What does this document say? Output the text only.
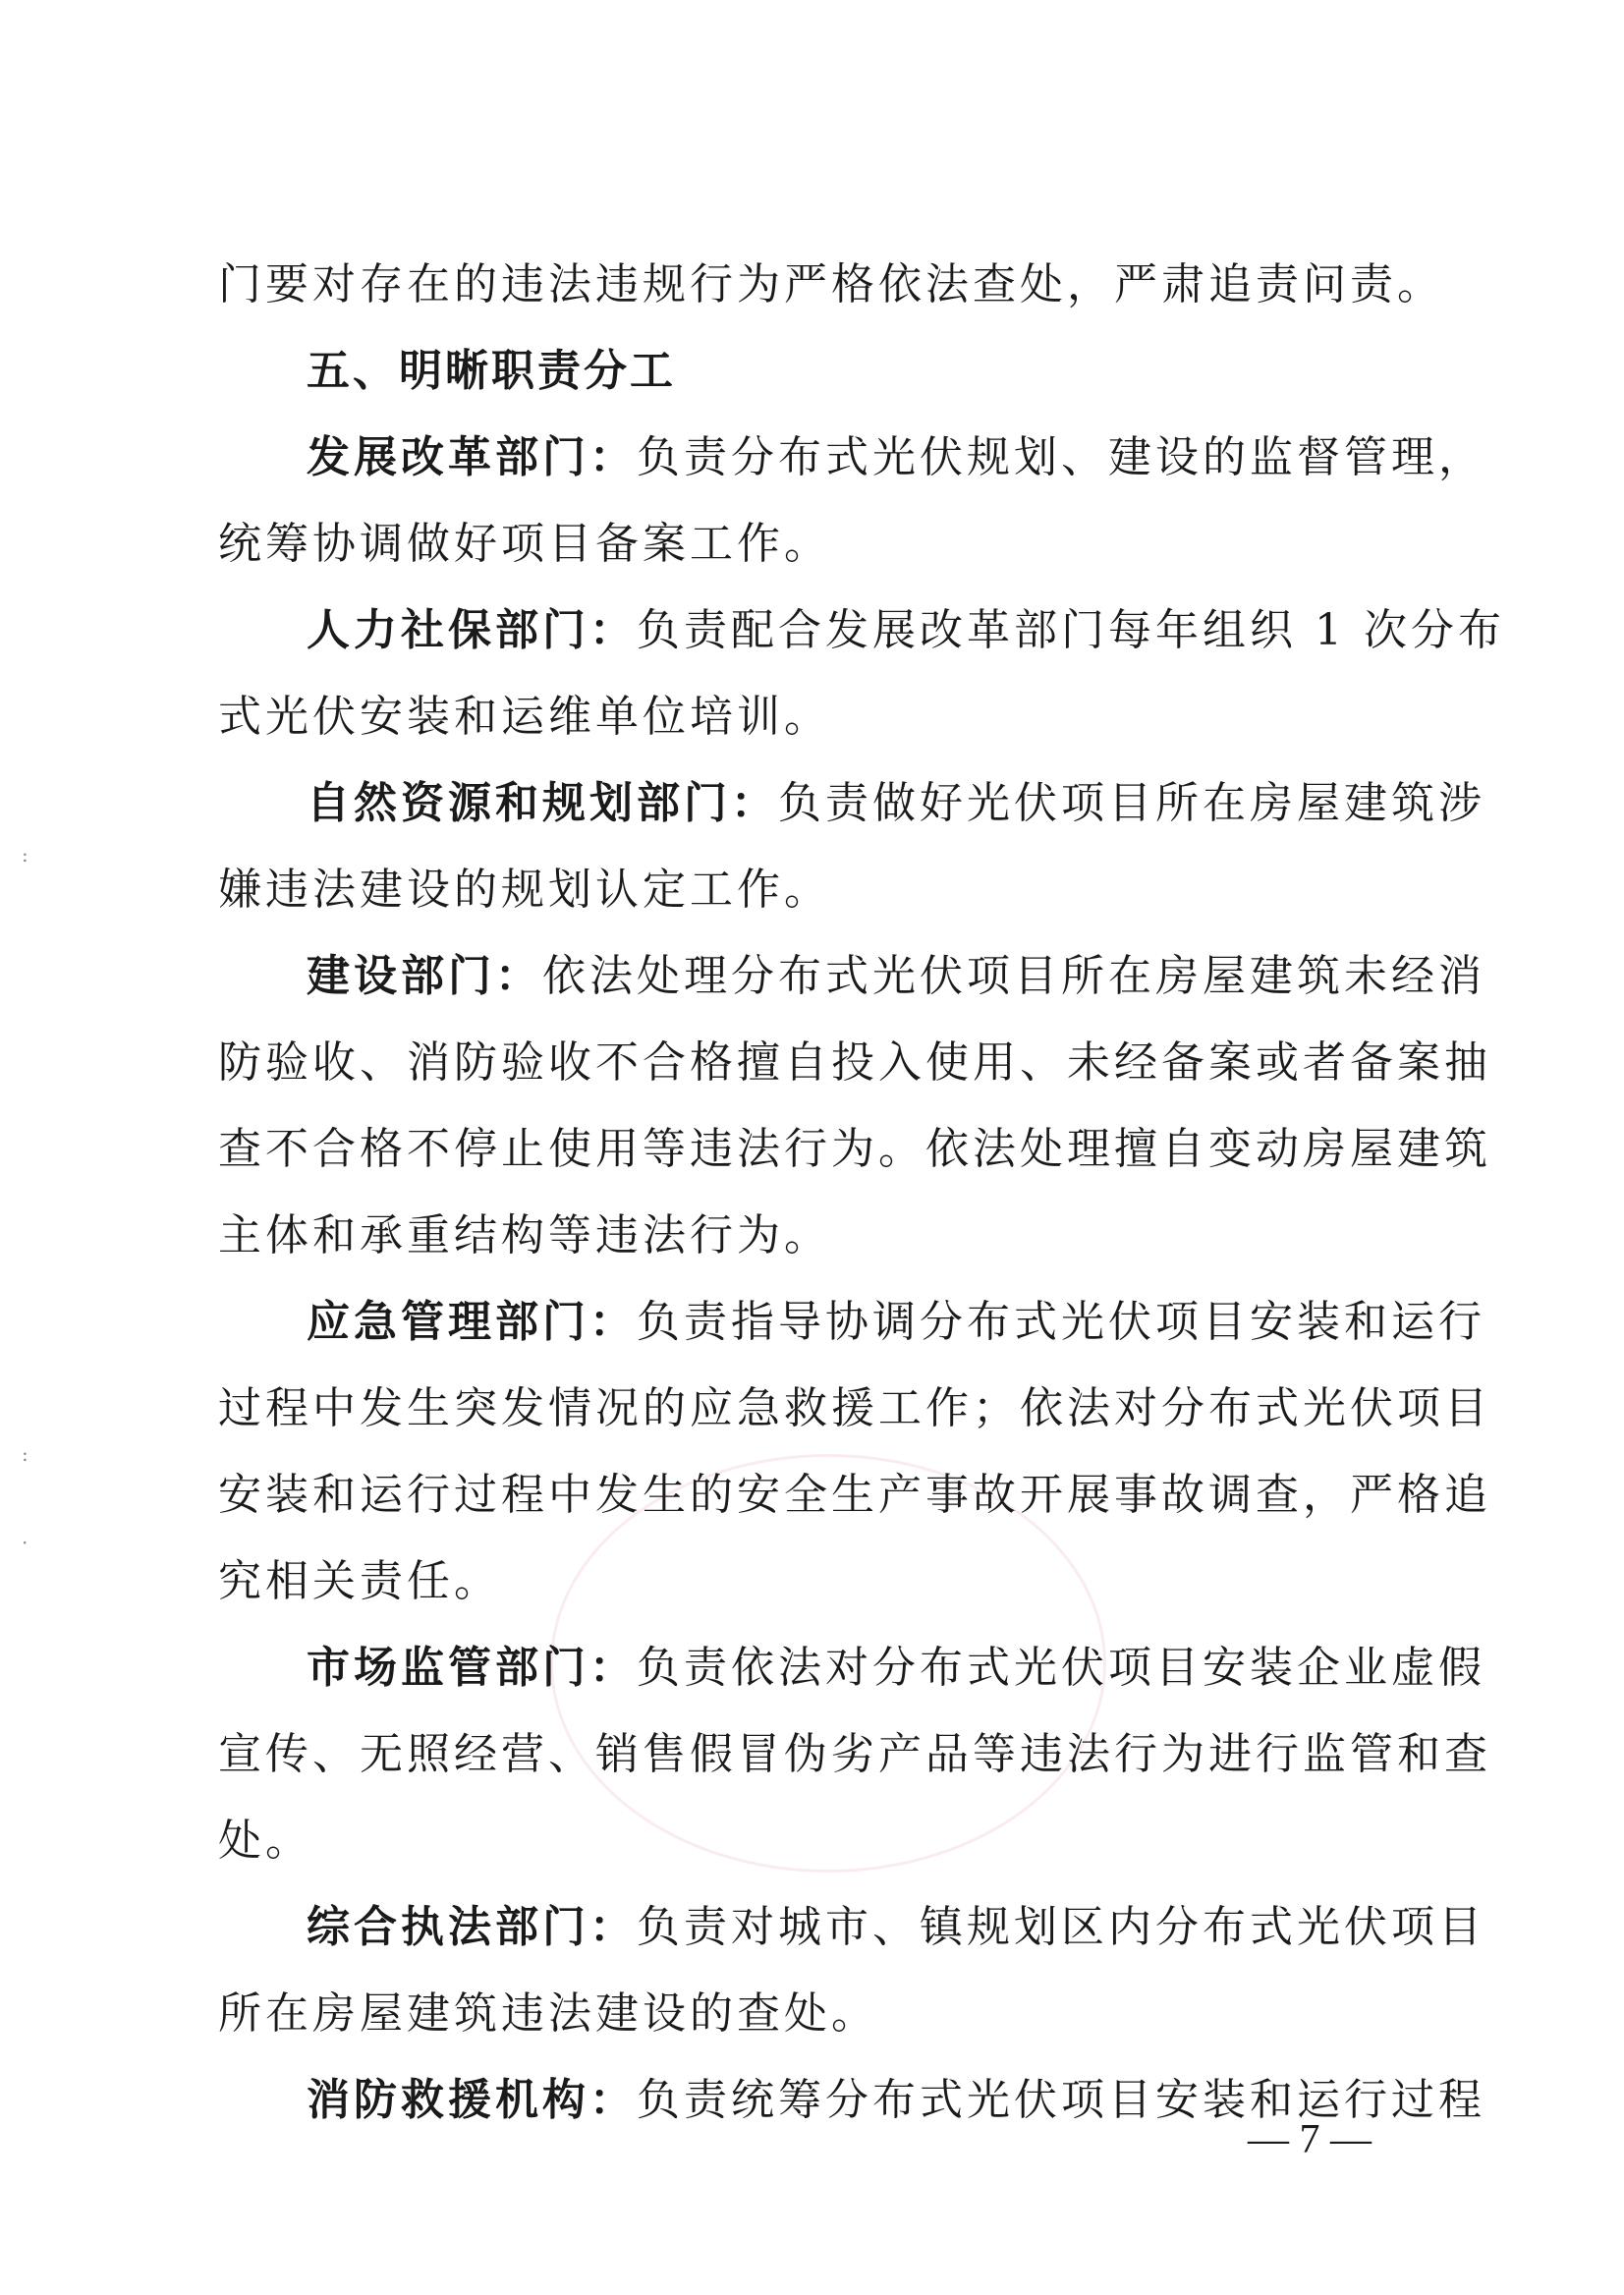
:
:
·
门要对存在的违法违规行为严格依法查处，严肃追责问责。
五、明晰职责分工
发展改革部门：负责分布式光伏规划、建设的监督管理，
统筹协调做好项目备案工作。
人力社保部门：负责配合发展改革部门每年组织 1 次分布
式光伏安装和运维单位培训。
自然资源和规划部门：负责做好光伏项目所在房屋建筑涉
嫌违法建设的规划认定工作。
建设部门：依法处理分布式光伏项目所在房屋建筑未经消
防验收、消防验收不合格擅自投入使用、未经备案或者备案抽
查不合格不停止使用等违法行为。依法处理擅自变动房屋建筑
主体和承重结构等违法行为。
应急管理部门：负责指导协调分布式光伏项目安装和运行
过程中发生突发情况的应急救援工作；依法对分布式光伏项目
安装和运行过程中发生的安全生产事故开展事故调查，严格追
究相关责任。
市场监管部门：负责依法对分布式光伏项目安装企业虚假
宣传、无照经营、销售假冒伪劣产品等违法行为进行监管和查
处。
综合执法部门：负责对城市、镇规划区内分布式光伏项目
所在房屋建筑违法建设的查处。
消防救援机构：负责统筹分布式光伏项目安装和运行过程
— 7 —
